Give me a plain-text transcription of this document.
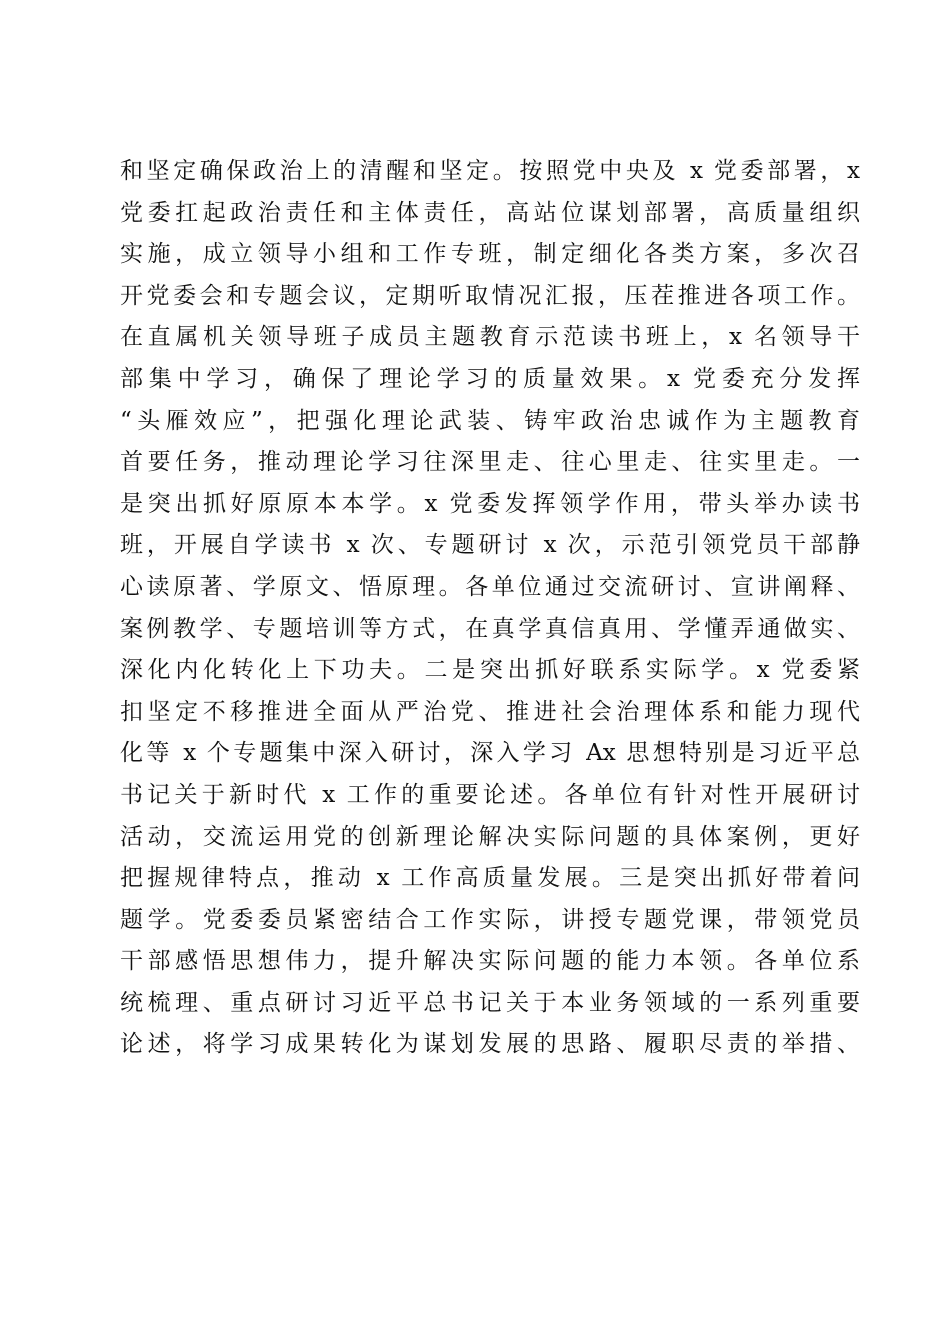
和坚定确保政治上的清醒和坚定。按照党中央及 x 党委部署，x
党委扛起政治责任和主体责任，高站位谋划部署，高质量组织
实施，成立领导小组和工作专班，制定细化各类方案，多次召
开党委会和专题会议，定期听取情况汇报，压茬推进各项工作。
在直属机关领导班子成员主题教育示范读书班上，x 名领导干
部集中学习，确保了理论学习的质量效果。x 党委充分发挥
“头雁效应”，把强化理论武装、铸牢政治忠诚作为主题教育
首要任务，推动理论学习往深里走、往心里走、往实里走。一
是突出抓好原原本本学。x 党委发挥领学作用，带头举办读书
班，开展自学读书 x 次、专题研讨 x 次，示范引领党员干部静
心读原著、学原文、悟原理。各单位通过交流研讨、宣讲阐释、
案例教学、专题培训等方式，在真学真信真用、学懂弄通做实、
深化内化转化上下功夫。二是突出抓好联系实际学。x 党委紧
扣坚定不移推进全面从严治党、推进社会治理体系和能力现代
化等 x 个专题集中深入研讨，深入学习 Ax 思想特别是习近平总
书记关于新时代 x 工作的重要论述。各单位有针对性开展研讨
活动，交流运用党的创新理论解决实际问题的具体案例，更好
把握规律特点，推动 x 工作高质量发展。三是突出抓好带着问
题学。党委委员紧密结合工作实际，讲授专题党课，带领党员
干部感悟思想伟力，提升解决实际问题的能力本领。各单位系
统梳理、重点研讨习近平总书记关于本业务领域的一系列重要
论述，将学习成果转化为谋划发展的思路、履职尽责的举措、
